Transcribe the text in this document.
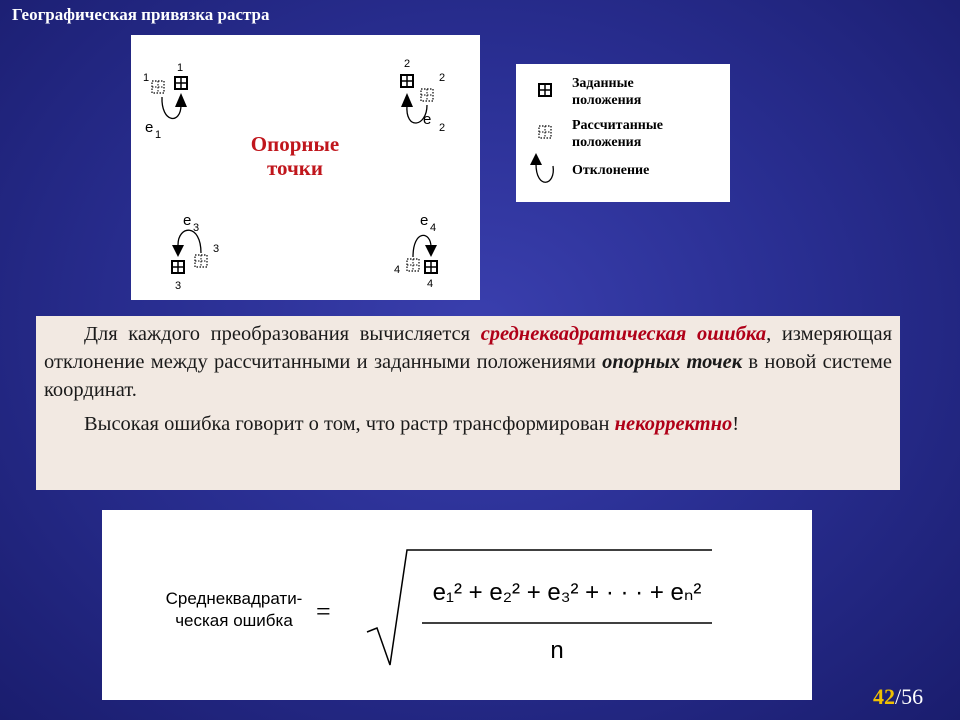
Географическая привязка растра
1
1
e 1
2
2
e 2
Опорные
точки
e 3
3
3
e 4
4
4
Заданные
положения
Рассчитанные
положения
Отклонение

Для каждого преобразования вычисляется среднеквадратическая ошибка, измеряющая отклонение между рассчитанными и заданными положениями опорных точек в новой системе координат.

Высокая ошибка говорит о том, что растр трансформирован некорректно!

Среднеквадрати-
ческая ошибка =
e₁² + e₂² + e₃² + · · · + eₙ²
n
42/56
